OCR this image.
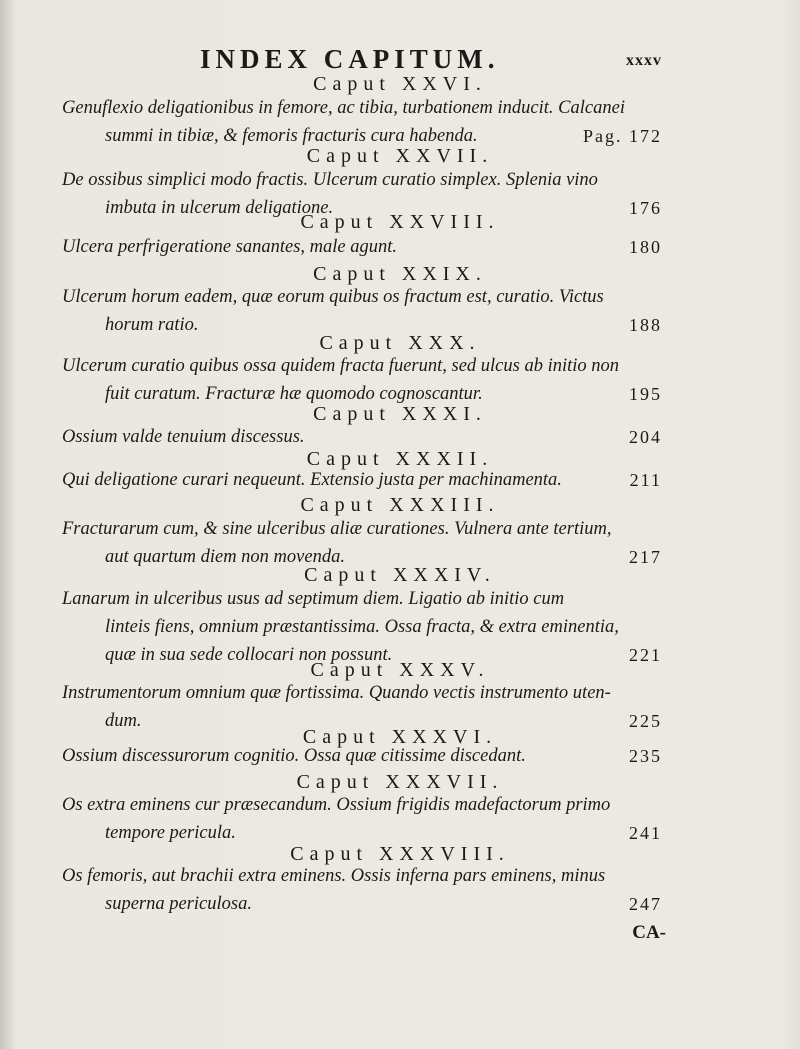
INDEX CAPITUM.	xxxv
Caput XXVI.
Genuflexio deligationibus in femore, ac tibia, turbationem inducit. Calcanei
summi in tibiæ, & femoris fracturis cura habenda.	Pag. 172
Caput XXVII.
De ossibus simplici modo fractis. Ulcerum curatio simplex. Splenia vino
imbuta in ulcerum deligatione.	176
Caput XXVIII.
Ulcera perfrigeratione sanantes, male agunt.	180
Caput XXIX.
Ulcerum horum eadem, quæ eorum quibus os fractum est, curatio. Victus
horum ratio.	188
Caput XXX.
Ulcerum curatio quibus ossa quidem fracta fuerunt, sed ulcus ab initio non
fuit curatum. Fracturæ hæ quomodo cognoscantur.	195
Caput XXXI.
Ossium valde tenuium discessus.	204
Caput XXXII.
Qui deligatione curari nequeunt. Extensio justa per machinamenta.	211
Caput XXXIII.
Fracturarum cum, & sine ulceribus aliæ curationes. Vulnera ante tertium,
aut quartum diem non movenda.	217
Caput XXXIV.
Lanarum in ulceribus usus ad septimum diem. Ligatio ab initio cum
linteis fiens, omnium præstantissima. Ossa fracta, & extra eminentia,
quæ in sua sede collocari non possunt.	221
Caput XXXV.
Instrumentorum omnium quæ fortissima. Quando vectis instrumento uten-
dum.	225
Caput XXXVI.
Ossium discessurorum cognitio. Ossa quæ citissime discedant.	235
Caput XXXVII.
Os extra eminens cur præsecandum. Ossium frigidis madefactorum primo
tempore pericula.	241
Caput XXXVIII.
Os femoris, aut brachii extra eminens. Ossis inferna pars eminens, minus
superna periculosa.	247
CA-
